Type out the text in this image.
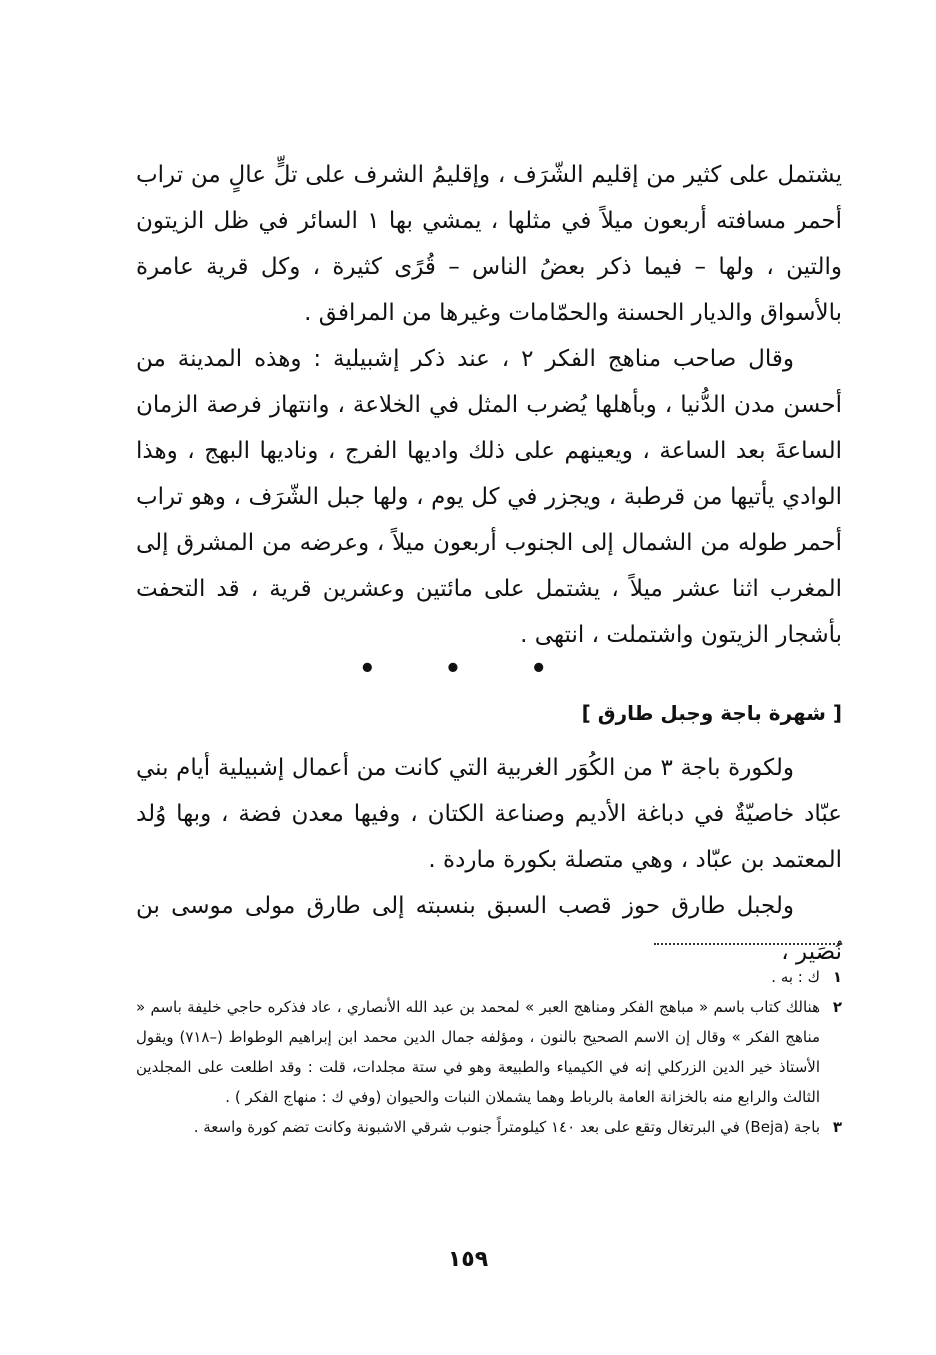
يشتمل على كثير من إقليم الشّرَف ، وإقليمُ الشرف على تلٍّ عالٍ من تراب أحمر مسافته أربعون ميلاً في مثلها ، يمشي بها ١ السائر في ظل الزيتون والتين ، ولها – فيما ذكر بعضُ الناس – قُرًى كثيرة ، وكل قرية عامرة بالأسواق والديار الحسنة والحمّامات وغيرها من المرافق .

وقال صاحب مناهج الفكر ٢ ، عند ذكر إشبيلية : وهذه المدينة من أحسن مدن الدُّنيا ، وبأهلها يُضرب المثل في الخلاعة ، وانتهاز فرصة الزمان الساعةَ بعد الساعة ، ويعينهم على ذلك واديها الفرج ، وناديها البهج ، وهذا الوادي يأتيها من قرطبة ، ويجزر في كل يوم ، ولها جبل الشّرَف ، وهو تراب أحمر طوله من الشمال إلى الجنوب أربعون ميلاً ، وعرضه من المشرق إلى المغرب اثنا عشر ميلاً ، يشتمل على مائتين وعشرين قرية ، قد التحفت بأشجار الزيتون واشتملت ، انتهى .

• • •
[ شهرة باجة وجبل طارق ]

ولكورة باجة ٣ من الكُوَر الغربية التي كانت من أعمال إشبيلية أيام بني عبّاد خاصيّةٌ في دباغة الأديم وصناعة الكتان ، وفيها معدن فضة ، وبها وُلد المعتمد بن عبّاد ، وهي متصلة بكورة ماردة .

ولجبل طارق حوز قصب السبق بنسبته إلى طارق مولى موسى بن نُصَير ،

١
ك : به .
٢
هنالك كتاب باسم « مباهج الفكر ومناهج العبر » لمحمد بن عبد الله الأنصاري ، عاد فذكره حاجي خليفة باسم « مناهج الفكر » وقال إن الاسم الصحيح بالنون ، ومؤلفه جمال الدين محمد ابن إبراهيم الوطواط (–٧١٨) ويقول الأستاذ خير الدين الزركلي إنه في الكيمياء والطبيعة وهو في ستة مجلدات، قلت : وقد اطلعت على المجلدين الثالث والرابع منه بالخزانة العامة بالرباط وهما يشملان النبات والحيوان (وفي ك : منهاج الفكر ) .
٣
باجة (Beja) في البرتغال وتقع على بعد ١٤٠ كيلومتراً جنوب شرقي الاشبونة وكانت تضم كورة واسعة .
١٥٩
